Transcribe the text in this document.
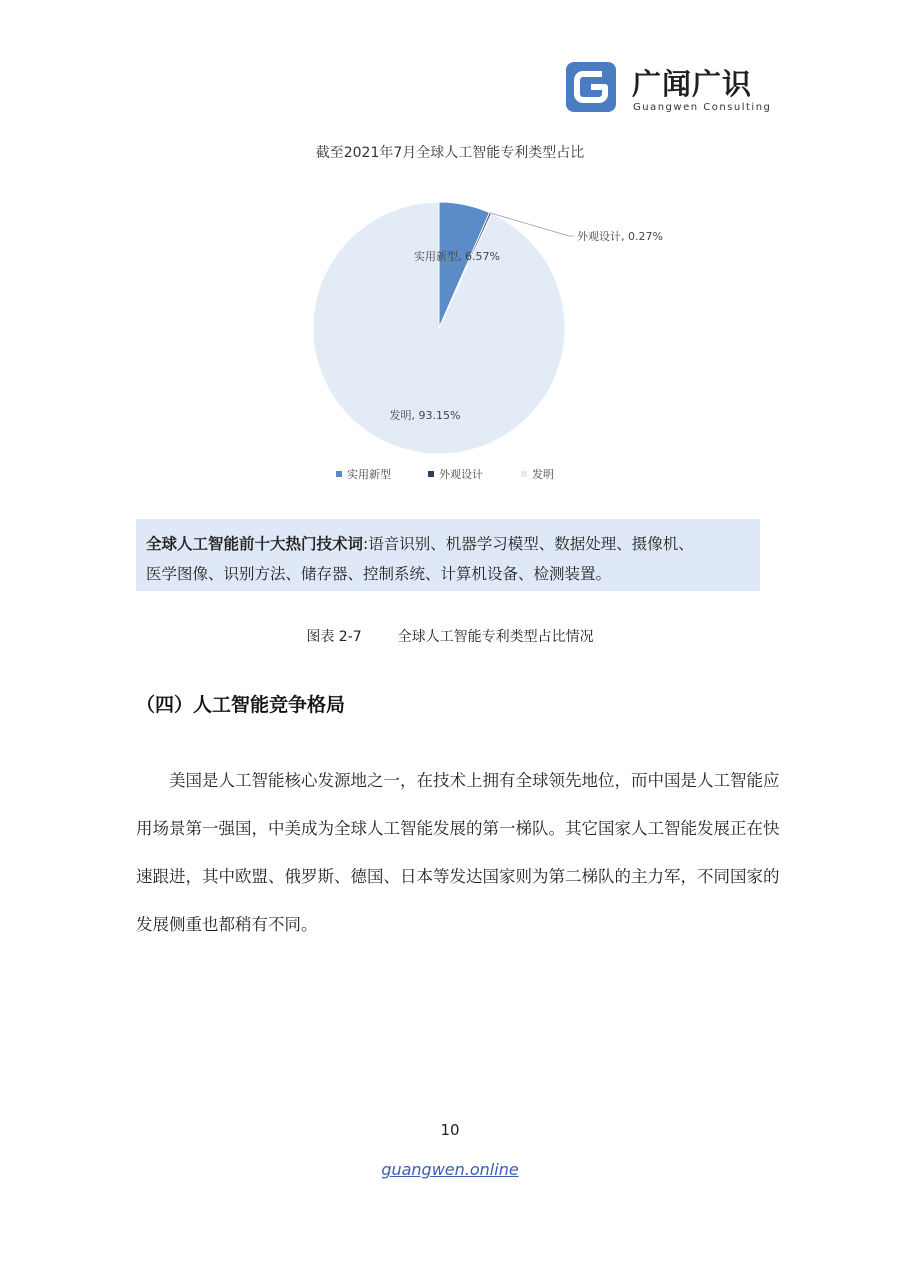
广闻广识
Guangwen Consulting
截至2021年7月全球人工智能专利类型占比
实用新型, 6.57%
外观设计, 0.27%
发明, 93.15%
实用新型	外观设计	发明
全球人工智能前十大热门技术词:语音识别、机器学习模型、数据处理、摄像机、
医学图像、识别方法、储存器、控制系统、计算机设备、检测装置。
图表 2-7	全球人工智能专利类型占比情况
（四）人工智能竞争格局

美国是人工智能核心发源地之一，在技术上拥有全球领先地位，而中国是人工智能应用场景第一强国，中美成为全球人工智能发展的第一梯队。其它国家人工智能发展正在快速跟进，其中欧盟、俄罗斯、德国、日本等发达国家则为第二梯队的主力军，不同国家的发展侧重也都稍有不同。

10
guangwen.online
